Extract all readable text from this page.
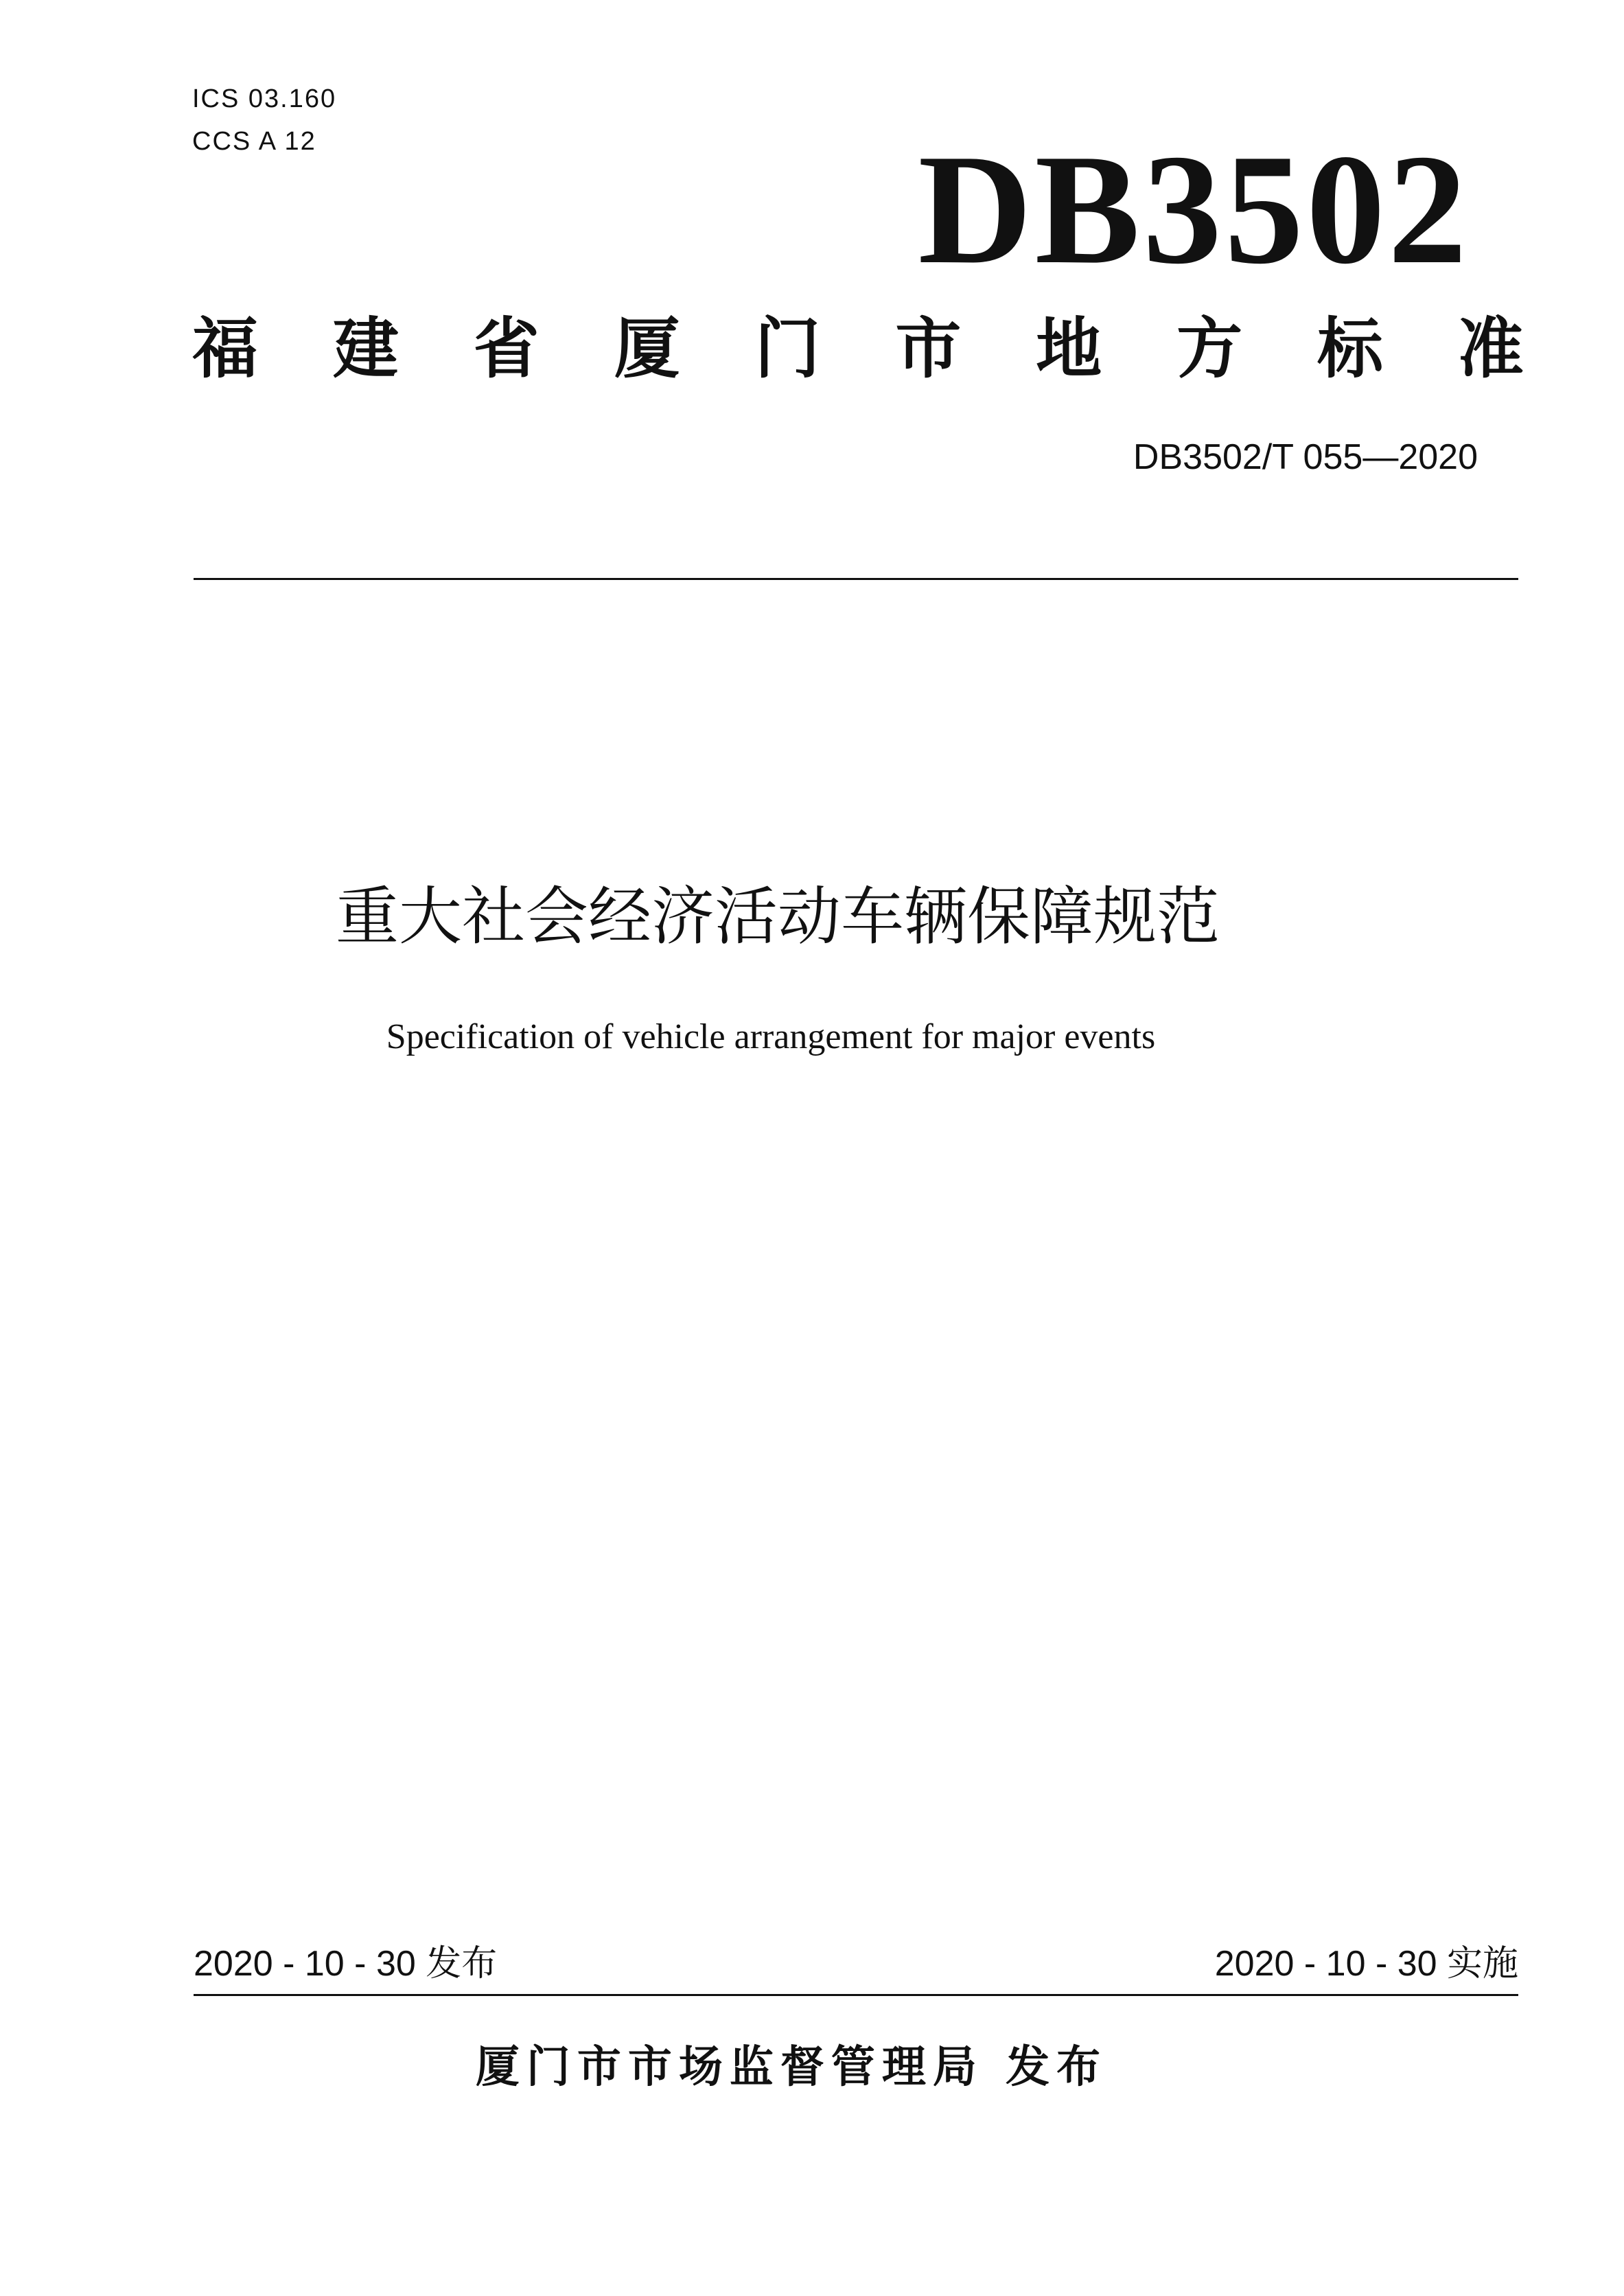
ICS 03.160
CCS A 12	DB3502
福 建 省 厦 门 市 地 方 标 准
DB3502/T 055—2020
重大社会经济活动车辆保障规范
Specification of vehicle arrangement for major events
2020 - 10 - 30 发布	2020 - 10 - 30 实施
厦门市市场监督管理局 发布
